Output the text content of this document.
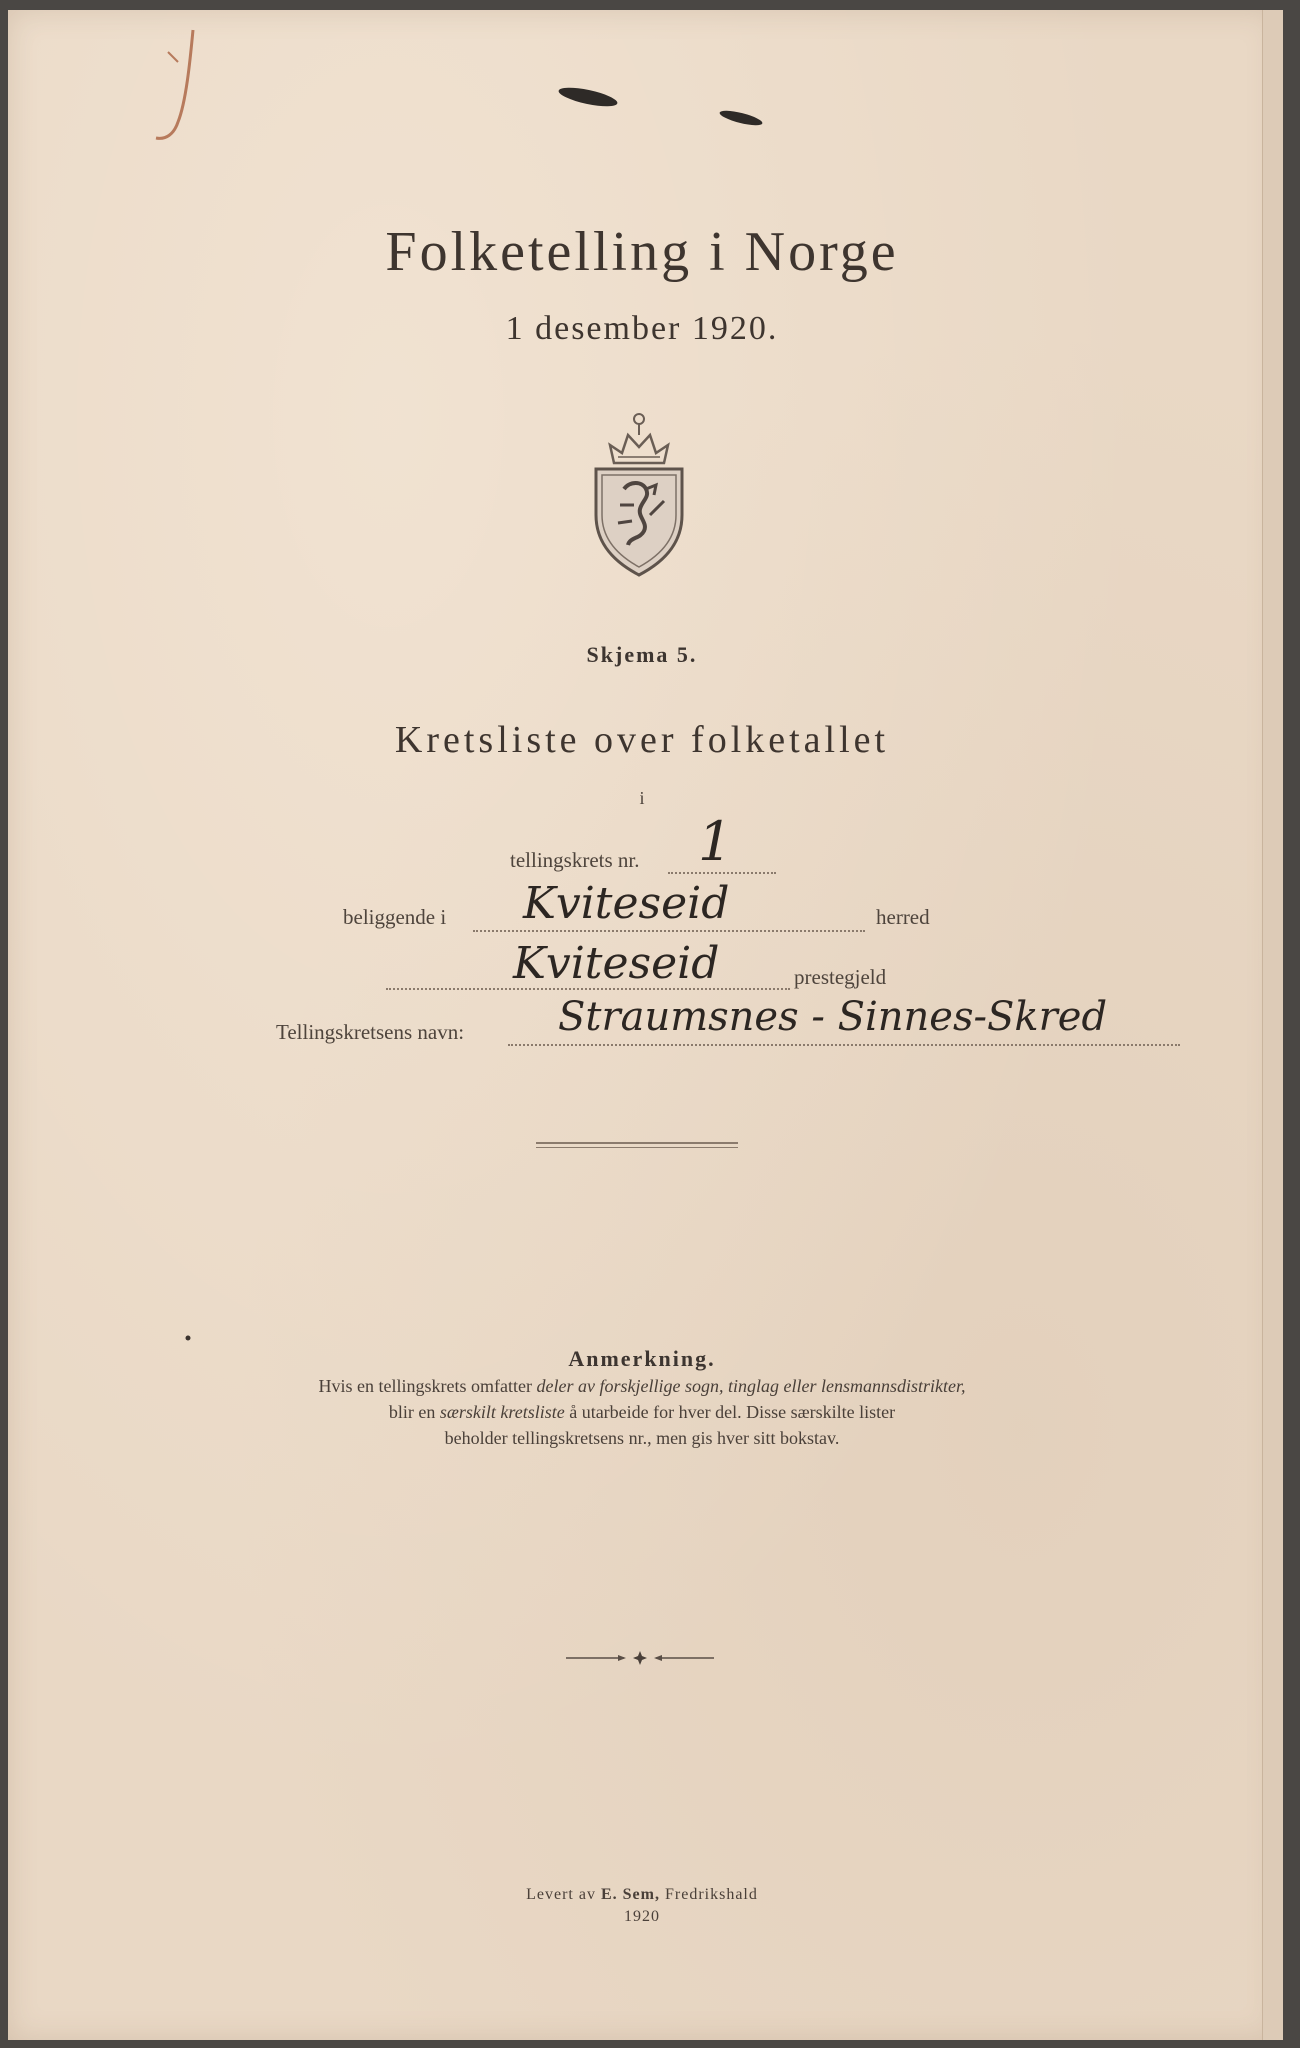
Folketelling i Norge
1 desember 1920.
Skjema 5.
Kretsliste over folketallet
i
tellingskrets nr. 1
beliggende i Kviteseid	herred
Kviteseid	prestegjeld
Tellingskretsens navn: Straumsnes - Sinnes-Skred
Anmerkning.
Hvis en tellingskrets omfatter deler av forskjellige sogn, tinglag eller lensmannsdistrikter,
blir en særskilt kretsliste å utarbeide for hver del. Disse særskilte lister
beholder tellingskretsens nr., men gis hver sitt bokstav.
Levert av E. Sem, Fredrikshald
1920
